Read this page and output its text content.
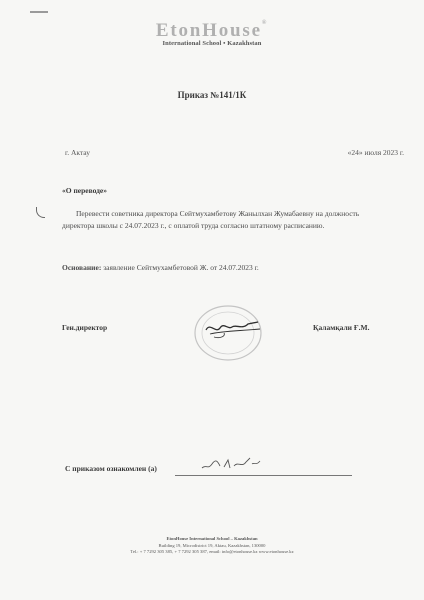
EtonHouse®
International School • Kazakhstan
Приказ №141/1К
г. Актау	«24» июля 2023 г.
«О переводе»
Перевести советника директора Сейтмухамбетову Жанылхан Жумабаевну на должность
директора школы с 24.07.2023 г., с оплатой труда согласно штатному расписанию.
Основание: заявление Сейтмухамбетовой Ж. от 24.07.2023 г.
Ген.директор	Қаламқали Ғ.М.
С приказом ознакомлен (а)
EtonHouse International School – Kazakhstan
Building 19, Microdistrict 19, Aktau, Kazakhstan, 130000
Tel.: + 7 7292 305 385, + 7 7292 305 387, email: info@etonhouse.kz www.etonhouse.kz
